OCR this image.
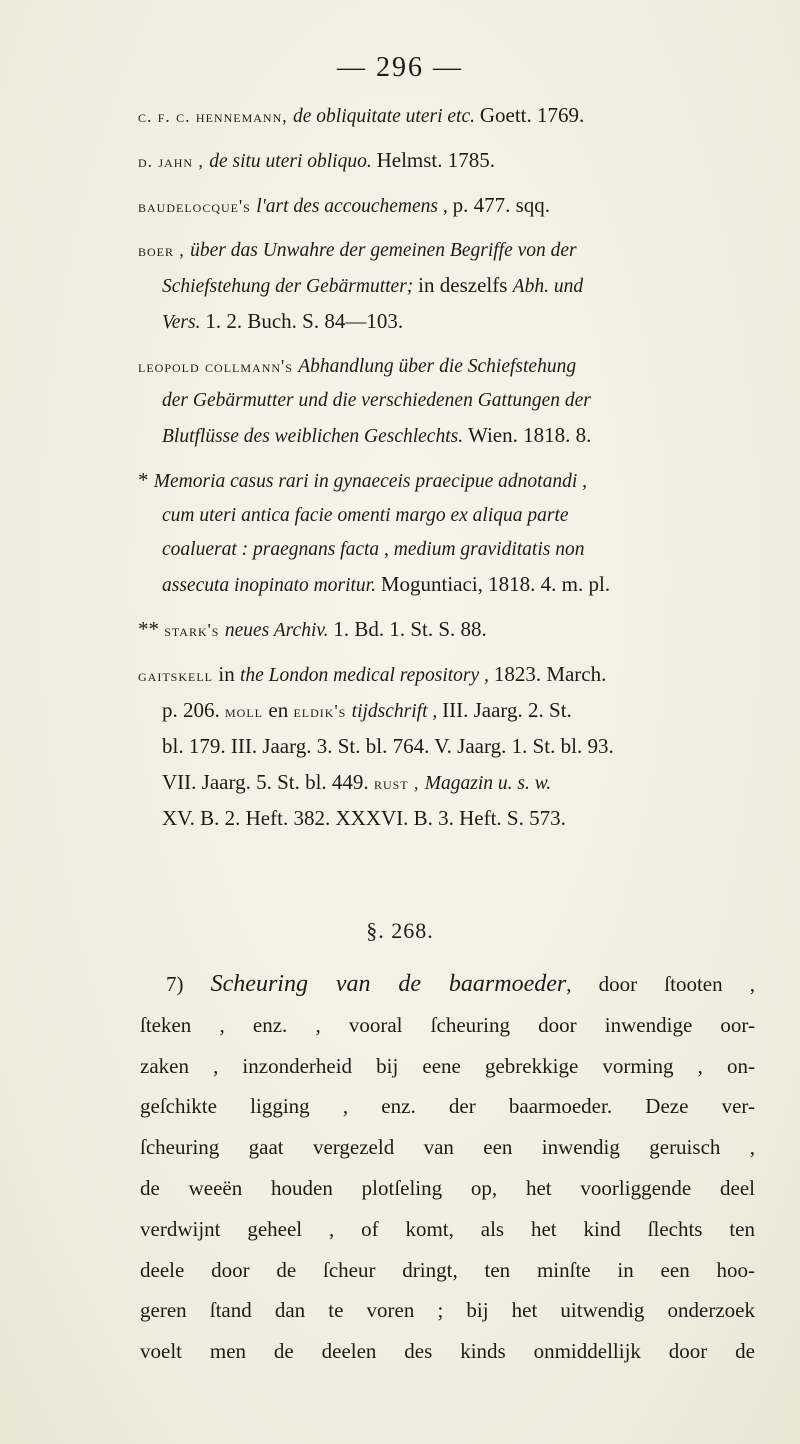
— 296 —
c. f. c. hennemann, de obliquitate uteri etc. Goett. 1769.
d. jahn , de situ uteri obliquo. Helmst. 1785.
baudelocque's l'art des accouchemens , p. 477. sqq.
boer , über das Unwahre der gemeinen Begriffe von der
Schiefstehung der Gebärmutter; in deszelfs Abh. und
Vers. 1. 2. Buch. S. 84—103.
leopold collmann's Abhandlung über die Schiefstehung
der Gebärmutter und die verschiedenen Gattungen der
Blutflüsse des weiblichen Geschlechts. Wien. 1818. 8.
* Memoria casus rari in gynaeceis praecipue adnotandi ,
cum uteri antica facie omenti margo ex aliqua parte
coaluerat : praegnans facta , medium graviditatis non
assecuta inopinato moritur. Moguntiaci, 1818. 4. m. pl.
** stark's neues Archiv. 1. Bd. 1. St. S. 88.
gaitskell in the London medical repository , 1823. March.
p. 206. moll en eldik's tijdschrift , III. Jaarg. 2. St.
bl. 179. III. Jaarg. 3. St. bl. 764. V. Jaarg. 1. St. bl. 93.
VII. Jaarg. 5. St. bl. 449. rust , Magazin u. s. w.
XV. B. 2. Heft. 382. XXXVI. B. 3. Heft. S. 573.
§. 268.
7) Scheuring van de baarmoeder, door ſtooten ,
ſteken , enz. , vooral ſcheuring door inwendige oor-
zaken , inzonderheid bij eene gebrekkige vorming , on-
geſchikte ligging , enz. der baarmoeder. Deze ver-
ſcheuring gaat vergezeld van een inwendig geruisch ,
de weeën houden plotſeling op, het voorliggende deel
verdwijnt geheel , of komt, als het kind ſlechts ten
deele door de ſcheur dringt, ten minſte in een hoo-
geren ſtand dan te voren ; bij het uitwendig onderzoek
voelt men de deelen des kinds onmiddellijk door de
